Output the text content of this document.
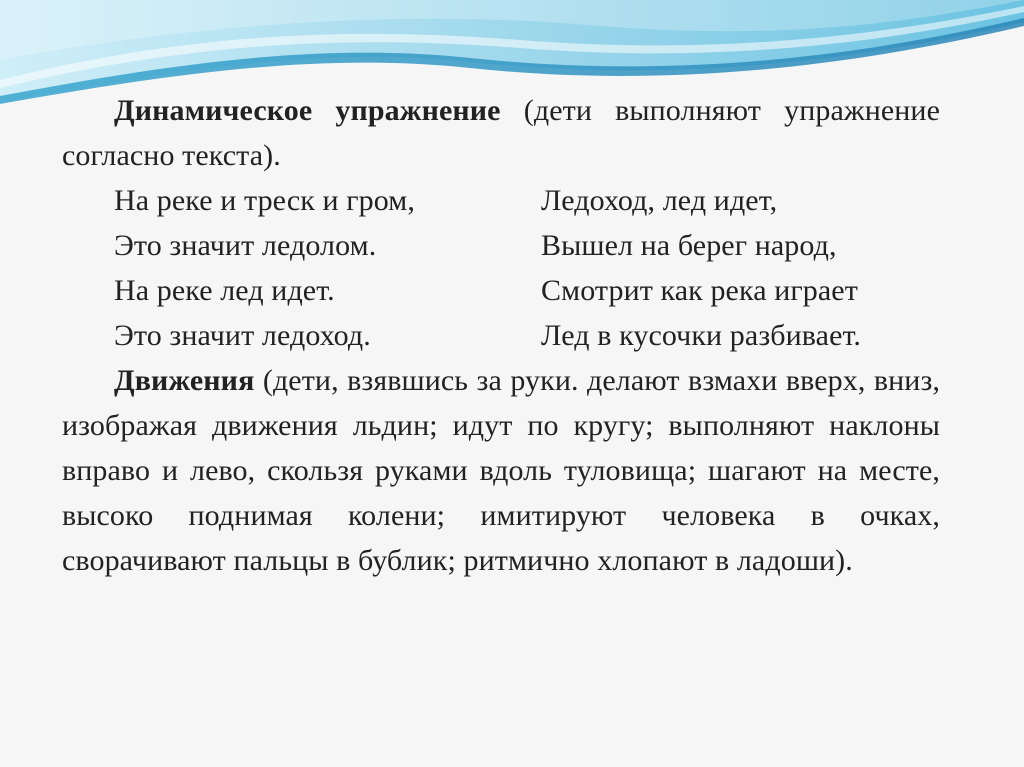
Динамическое упражнение (дети выполняют упражнение согласно текста).

На реке и треск и гром,	Ледоход, лед идет,
Это значит ледолом.	Вышел на берег народ,
На реке лед идет.	Смотрит как река играет
Это значит ледоход.	Лед в кусочки разбивает.

Движения (дети, взявшись за руки. делают взмахи вверх, вниз, изображая движения льдин; идут по кругу; выполняют наклоны вправо и лево, скользя руками вдоль туловища; шагают на месте, высоко поднимая колени; имитируют человека в очках, сворачивают пальцы в бублик; ритмично хлопают в ладоши).
